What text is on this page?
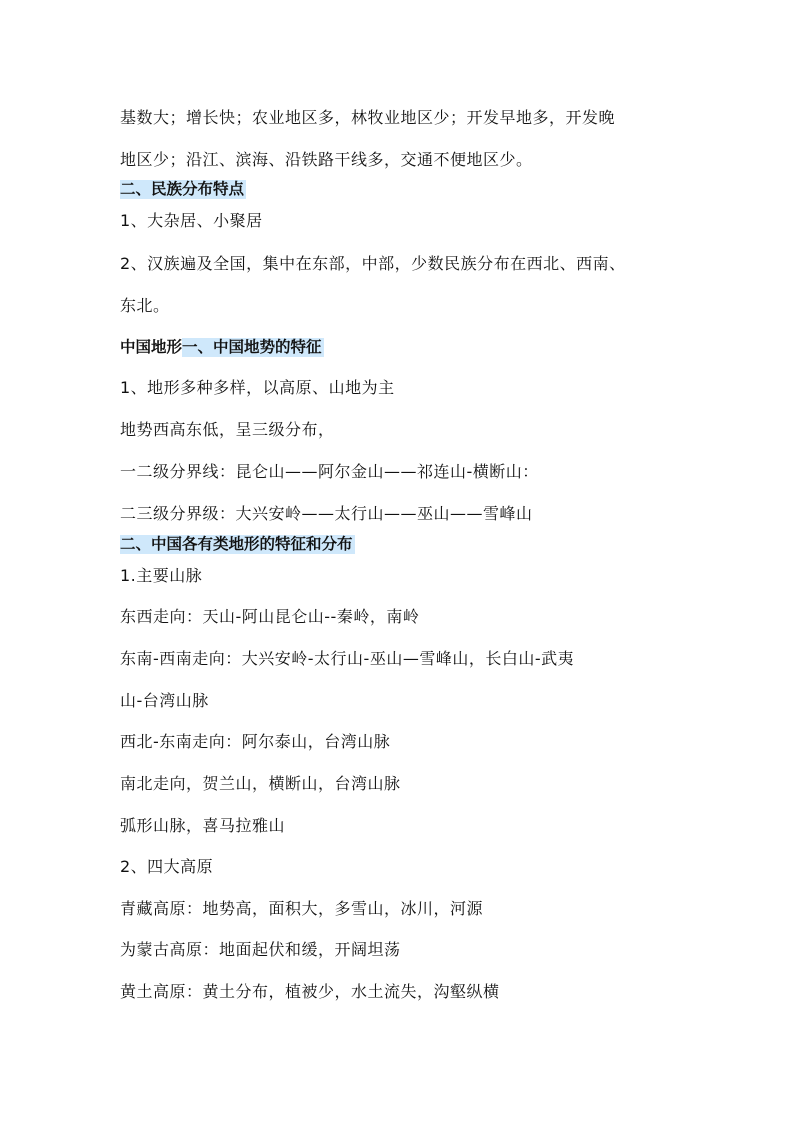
基数大；增长快；农业地区多，林牧业地区少；开发早地多，开发晚
地区少；沿江、滨海、沿铁路干线多，交通不便地区少。
二、民族分布特点
1、大杂居、小聚居
2、汉族遍及全国，集中在东部，中部，少数民族分布在西北、西南、
东北。
中国地形一、中国地势的特征
1、地形多种多样，以高原、山地为主
地势西高东低，呈三级分布，
一二级分界线：昆仑山——阿尔金山——祁连山-横断山：
二三级分界级：大兴安岭——太行山——巫山——雪峰山
二、中国各有类地形的特征和分布
1.主要山脉
东西走向：天山-阿山昆仑山--秦岭，南岭
东南-西南走向：大兴安岭-太行山-巫山—雪峰山，长白山-武夷
山-台湾山脉
西北-东南走向：阿尔泰山，台湾山脉
南北走向，贺兰山，横断山，台湾山脉
弧形山脉，喜马拉雅山
2、四大高原
青藏高原：地势高，面积大，多雪山，冰川，河源
为蒙古高原：地面起伏和缓，开阔坦荡
黄土高原：黄土分布，植被少，水土流失，沟壑纵横
